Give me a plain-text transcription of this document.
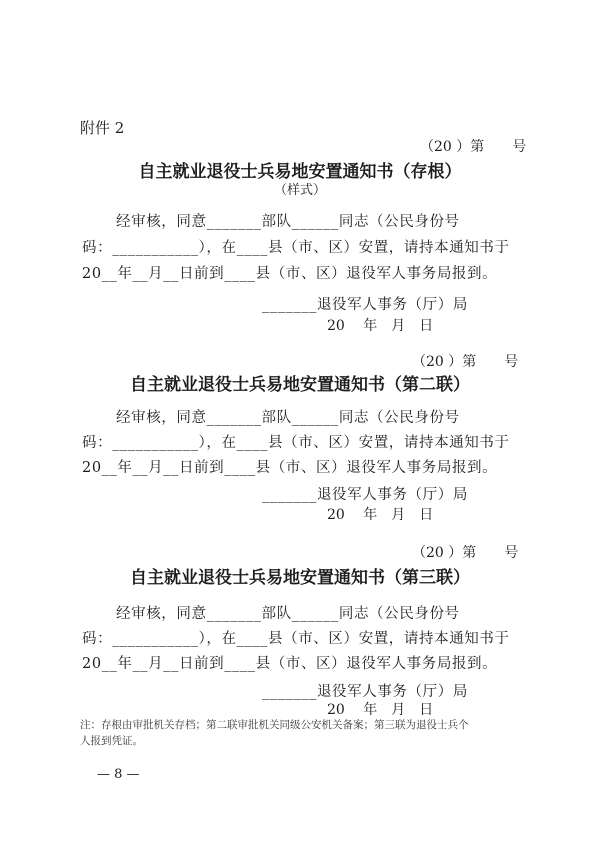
附件 2
（20 ）第　　号
自主就业退役士兵易地安置通知书（存根）
（样式）
经审核，同意_______部队______同志（公民身份号
码：___________），在____县（市、区）安置，请持本通知书于
20__年__月__日前到____县（市、区）退役军人事务局报到。
_______退役军人事务（厅）局
20　 年　月　日
（20 ）第　　号
自主就业退役士兵易地安置通知书（第二联）
经审核，同意_______部队______同志（公民身份号
码：___________），在____县（市、区）安置，请持本通知书于
20__年__月__日前到____县（市、区）退役军人事务局报到。
_______退役军人事务（厅）局
20　 年　月　日
（20 ）第　　号
自主就业退役士兵易地安置通知书（第三联）
经审核，同意_______部队______同志（公民身份号
码：___________），在____县（市、区）安置，请持本通知书于
20__年__月__日前到____县（市、区）退役军人事务局报到。
_______退役军人事务（厅）局
20　 年　月　日
注：存根由审批机关存档；第二联审批机关同级公安机关备案；第三联为退役士兵个
人报到凭证。
— 8 —
